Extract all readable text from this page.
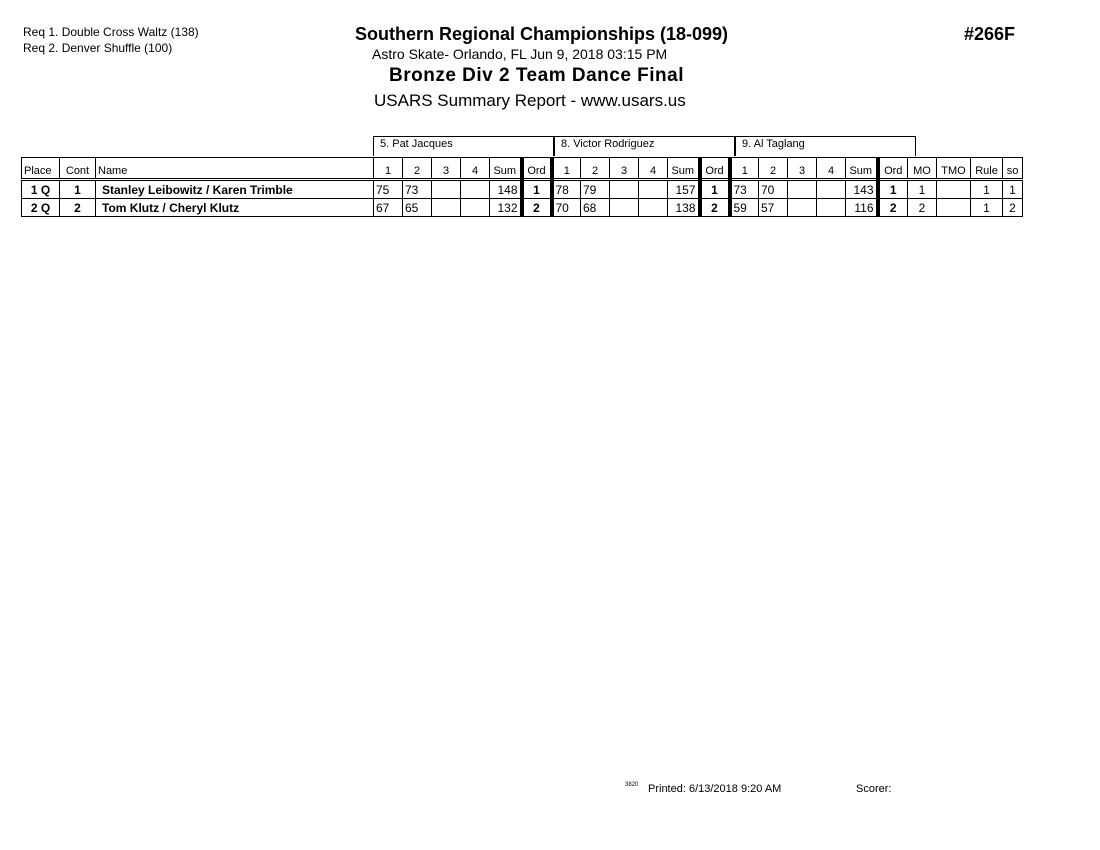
Req 1. Double Cross Waltz (138)
Req 2. Denver Shuffle (100)
Southern Regional Championships (18-099)
Astro Skate- Orlando, FL Jun 9, 2018 03:15 PM
Bronze Div 2 Team Dance Final
USARS Summary Report - www.usars.us
#266F
5. Pat Jacques	8. Victor Rodriguez	9. Al Taglang
Place	Cont	Name	1	2	3	4	Sum	Ord	1	2	3	4	Sum	Ord	1	2	3	4	Sum	Ord	MO	TMO	Rule	so
1 Q	1	Stanley Leibowitz / Karen Trimble	75	73			148	1	78	79			157	1	73	70			143	1	1		1	1
2 Q	2	Tom Klutz / Cheryl Klutz	67	65			132	2	70	68			138	2	59	57			116	2	2		1	2
3820 Printed: 6/13/2018 9:20 AM	Scorer:
